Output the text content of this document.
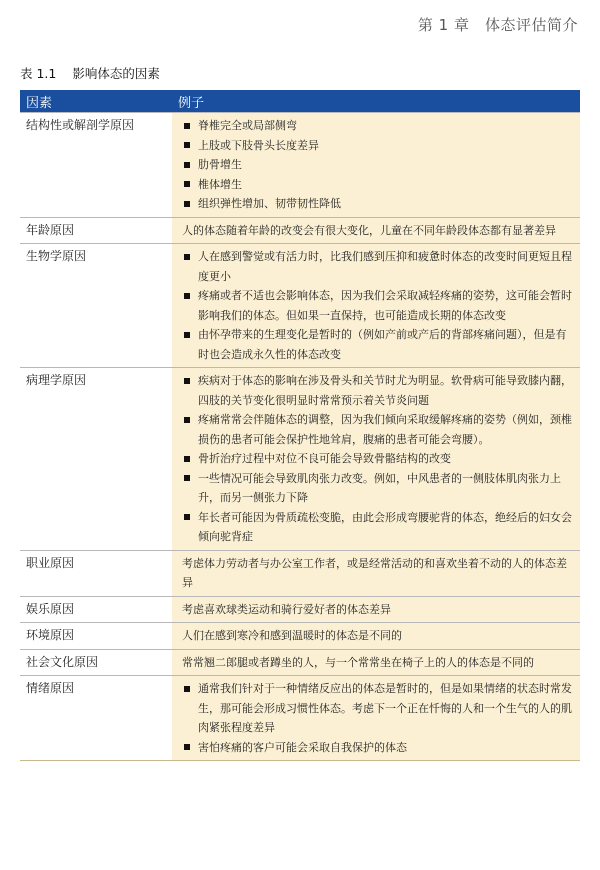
第 1 章　体态评估简介
表 1.1 影响体态的因素
因素	例子
结构性或解剖学原因	脊椎完全或局部侧弯
上肢或下肢骨头长度差异
肋骨增生
椎体增生
组织弹性增加、韧带韧性降低
年龄原因	人的体态随着年龄的改变会有很大变化，儿童在不同年龄段体态都有显著差异
生物学原因	人在感到警觉或有活力时，比我们感到压抑和疲惫时体态的改变时间更短且程度更小
疼痛或者不适也会影响体态，因为我们会采取减轻疼痛的姿势，这可能会暂时影响我们的体态。但如果一直保持，也可能造成长期的体态改变
由怀孕带来的生理变化是暂时的（例如产前或产后的背部疼痛问题），但是有时也会造成永久性的体态改变
病理学原因	疾病对于体态的影响在涉及骨头和关节时尤为明显。软骨病可能导致膝内翻，四肢的关节变化很明显时常常预示着关节炎问题
疼痛常常会伴随体态的调整，因为我们倾向采取缓解疼痛的姿势（例如，颈椎损伤的患者可能会保护性地耸肩，腹痛的患者可能会弯腰）。
骨折治疗过程中对位不良可能会导致骨骼结构的改变
一些情况可能会导致肌肉张力改变。例如，中风患者的一侧肢体肌肉张力上升，而另一侧张力下降
年长者可能因为骨质疏松变脆，由此会形成弯腰驼背的体态，绝经后的妇女会倾向驼背症
职业原因	考虑体力劳动者与办公室工作者，或是经常活动的和喜欢坐着不动的人的体态差异
娱乐原因	考虑喜欢球类运动和骑行爱好者的体态差异
环境原因	人们在感到寒冷和感到温暖时的体态是不同的
社会文化原因	常常翘二郎腿或者蹲坐的人，与一个常常坐在椅子上的人的体态是不同的
情绪原因	通常我们针对于一种情绪反应出的体态是暂时的，但是如果情绪的状态时常发生，那可能会形成习惯性体态。考虑下一个正在忏悔的人和一个生气的人的肌肉紧张程度差异
害怕疼痛的客户可能会采取自我保护的体态
